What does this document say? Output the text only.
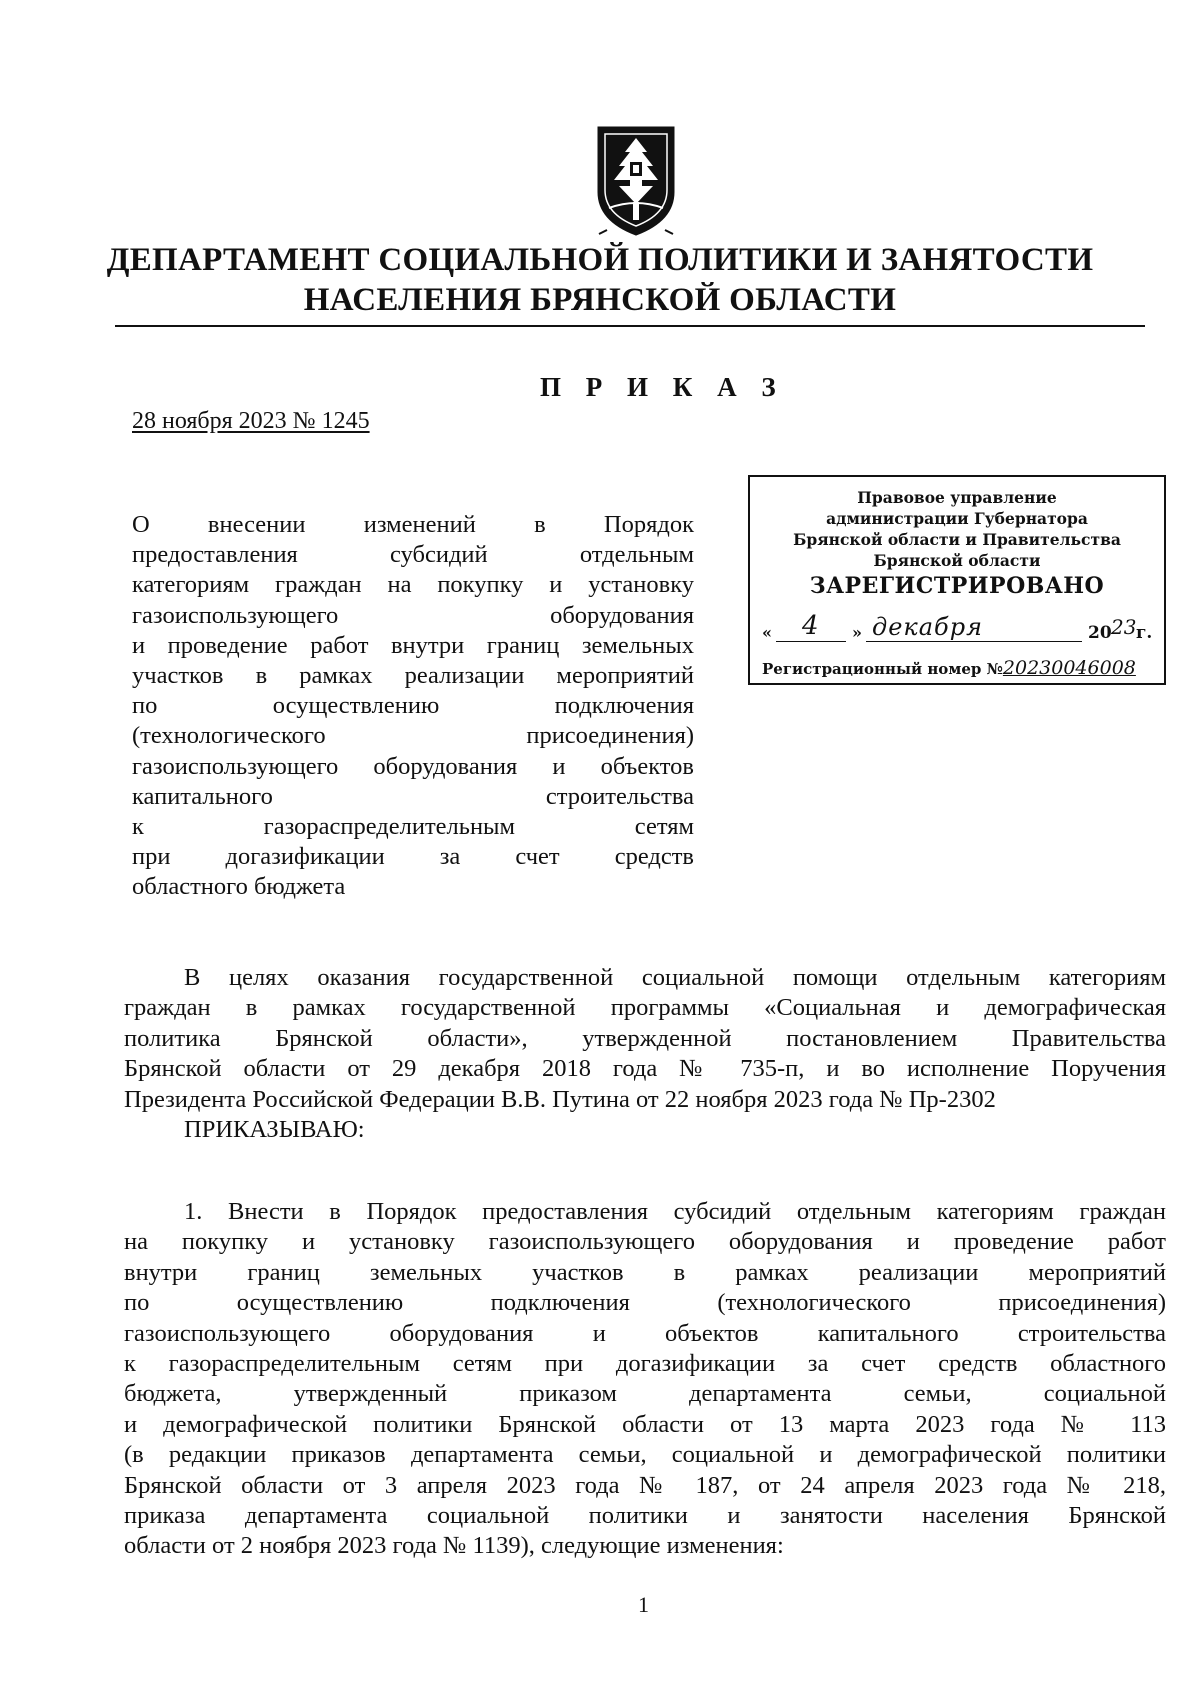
ДЕПАРТАМЕНТ СОЦИАЛЬНОЙ ПОЛИТИКИ И ЗАНЯТОСТИ
НАСЕЛЕНИЯ БРЯНСКОЙ ОБЛАСТИ
П Р И К А З
28 ноября 2023 № 1245
Правовое управление
администрации Губернатора
Брянской области и Правительства
Брянской области
ЗАРЕГИСТРИРОВАНО
« 4 » декабря	20 23 г.
Регистрационный номер №20230046008
О внесении изменений в Порядок
предоставления субсидий отдельным
категориям граждан на покупку и установку
газоиспользующего оборудования
и проведение работ внутри границ земельных
участков в рамках реализации мероприятий
по осуществлению подключения
(технологического присоединения)
газоиспользующего оборудования и объектов
капитального строительства
к газораспределительным сетям
при догазификации за счет средств
областного бюджета
В целях оказания государственной социальной помощи отдельным категориям
граждан в рамках государственной программы «Социальная и демографическая
политика Брянской области», утвержденной постановлением Правительства
Брянской области от 29 декабря 2018 года № 735-п, и во исполнение Поручения
Президента Российской Федерации В.В. Путина от 22 ноября 2023 года № Пр-2302
ПРИКАЗЫВАЮ:
1. Внести в Порядок предоставления субсидий отдельным категориям граждан
на покупку и установку газоиспользующего оборудования и проведение работ
внутри границ земельных участков в рамках реализации мероприятий
по осуществлению подключения (технологического присоединения)
газоиспользующего оборудования и объектов капитального строительства
к газораспределительным сетям при догазификации за счет средств областного
бюджета, утвержденный приказом департамента семьи, социальной
и демографической политики Брянской области от 13 марта 2023 года № 113
(в редакции приказов департамента семьи, социальной и демографической политики
Брянской области от 3 апреля 2023 года № 187, от 24 апреля 2023 года № 218,
приказа департамента социальной политики и занятости населения Брянской
области от 2 ноября 2023 года № 1139), следующие изменения:
1
